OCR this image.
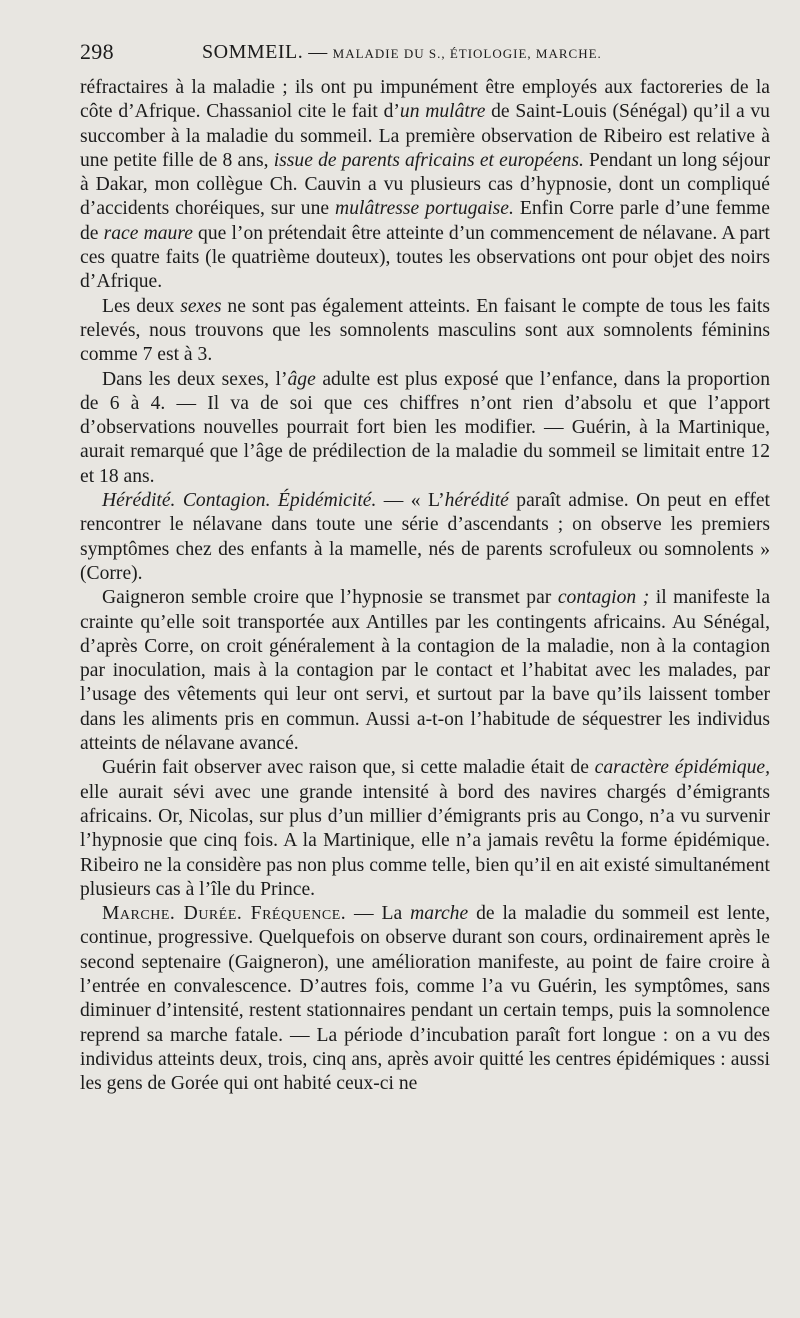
298	SOMMEIL. — MALADIE DU S., ÉTIOLOGIE, MARCHE.

réfractaires à la maladie ; ils ont pu impunément être employés aux factoreries de la côte d’Afrique. Chassaniol cite le fait d’un mulâtre de Saint-Louis (Sénégal) qu’il a vu succomber à la maladie du sommeil. La première observation de Ribeiro est relative à une petite fille de 8 ans, issue de parents africains et européens. Pendant un long séjour à Dakar, mon collègue Ch. Cauvin a vu plusieurs cas d’hypnosie, dont un compliqué d’accidents choréiques, sur une mulâtresse portugaise. Enfin Corre parle d’une femme de race maure que l’on prétendait être atteinte d’un commencement de nélavane. A part ces quatre faits (le quatrième douteux), toutes les observations ont pour objet des noirs d’Afrique.

Les deux sexes ne sont pas également atteints. En faisant le compte de tous les faits relevés, nous trouvons que les somnolents masculins sont aux somnolents féminins comme 7 est à 3.

Dans les deux sexes, l’âge adulte est plus exposé que l’enfance, dans la proportion de 6 à 4. — Il va de soi que ces chiffres n’ont rien d’absolu et que l’apport d’observations nouvelles pourrait fort bien les modifier. — Guérin, à la Martinique, aurait remarqué que l’âge de prédilection de la maladie du sommeil se limitait entre 12 et 18 ans.

Hérédité. Contagion. Épidémicité. — « L’hérédité paraît admise. On peut en effet rencontrer le nélavane dans toute une série d’ascendants ; on observe les premiers symptômes chez des enfants à la mamelle, nés de parents scrofuleux ou somnolents » (Corre).

Gaigneron semble croire que l’hypnosie se transmet par contagion ; il manifeste la crainte qu’elle soit transportée aux Antilles par les contingents africains. Au Sénégal, d’après Corre, on croit généralement à la contagion de la maladie, non à la contagion par inoculation, mais à la contagion par le contact et l’habitat avec les malades, par l’usage des vêtements qui leur ont servi, et surtout par la bave qu’ils laissent tomber dans les aliments pris en commun. Aussi a-t-on l’habitude de séquestrer les individus atteints de nélavane avancé.

Guérin fait observer avec raison que, si cette maladie était de caractère épidémique, elle aurait sévi avec une grande intensité à bord des navires chargés d’émigrants africains. Or, Nicolas, sur plus d’un millier d’émigrants pris au Congo, n’a vu survenir l’hypnosie que cinq fois. A la Martinique, elle n’a jamais revêtu la forme épidémique. Ribeiro ne la considère pas non plus comme telle, bien qu’il en ait existé simultanément plusieurs cas à l’île du Prince.

Marche. Durée. Fréquence. — La marche de la maladie du sommeil est lente, continue, progressive. Quelquefois on observe durant son cours, ordinairement après le second septenaire (Gaigneron), une amélioration manifeste, au point de faire croire à l’entrée en convalescence. D’autres fois, comme l’a vu Guérin, les symptômes, sans diminuer d’intensité, restent stationnaires pendant un certain temps, puis la somnolence reprend sa marche fatale. — La période d’incubation paraît fort longue : on a vu des individus atteints deux, trois, cinq ans, après avoir quitté les centres épidémiques : aussi les gens de Gorée qui ont habité ceux-ci ne
